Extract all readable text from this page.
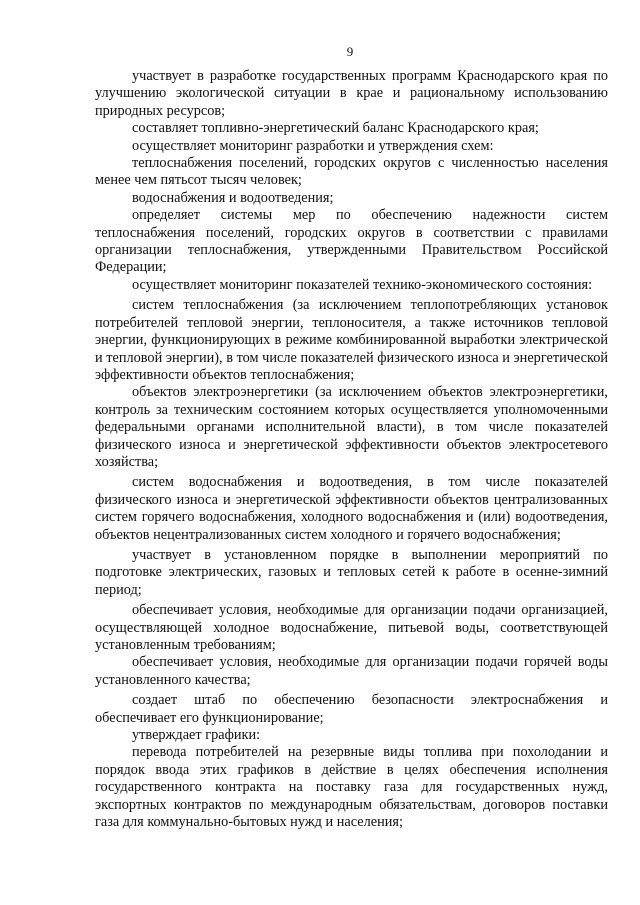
9

участвует в разработке государственных программ Краснодарского края по улучшению экологической ситуации в крае и рациональному использованию природных ресурсов;

составляет топливно-энергетический баланс Краснодарского края;

осуществляет мониторинг разработки и утверждения схем:

теплоснабжения поселений, городских округов с численностью населения менее чем пятьсот тысяч человек;

водоснабжения и водоотведения;

определяет системы мер по обеспечению надежности систем теплоснабжения поселений, городских округов в соответствии с правилами организации теплоснабжения, утвержденными Правительством Российской Федерации;

осуществляет мониторинг показателей технико-экономического состояния:

систем теплоснабжения (за исключением теплопотребляющих установок потребителей тепловой энергии, теплоносителя, а также источников тепловой энергии, функционирующих в режиме комбинированной выработки электрической и тепловой энергии), в том числе показателей физического износа и энергетической эффективности объектов теплоснабжения;

объектов электроэнергетики (за исключением объектов электроэнергетики, контроль за техническим состоянием которых осуществляется уполномоченными федеральными органами исполнительной власти), в том числе показателей физического износа и энергетической эффективности объектов электросетевого хозяйства;

систем водоснабжения и водоотведения, в том числе показателей физического износа и энергетической эффективности объектов централизованных систем горячего водоснабжения, холодного водоснабжения и (или) водоотведения, объектов нецентрализованных систем холодного и горячего водоснабжения;

участвует в установленном порядке в выполнении мероприятий по подготовке электрических, газовых и тепловых сетей к работе в осенне-зимний период;

обеспечивает условия, необходимые для организации подачи организацией, осуществляющей холодное водоснабжение, питьевой воды, соответствующей установленным требованиям;

обеспечивает условия, необходимые для организации подачи горячей воды установленного качества;

создает штаб по обеспечению безопасности электроснабжения и обеспечивает его функционирование;

утверждает графики:

перевода потребителей на резервные виды топлива при похолодании и порядок ввода этих графиков в действие в целях обеспечения исполнения государственного контракта на поставку газа для государственных нужд, экспортных контрактов по международным обязательствам, договоров поставки газа для коммунально-бытовых нужд и населения;
